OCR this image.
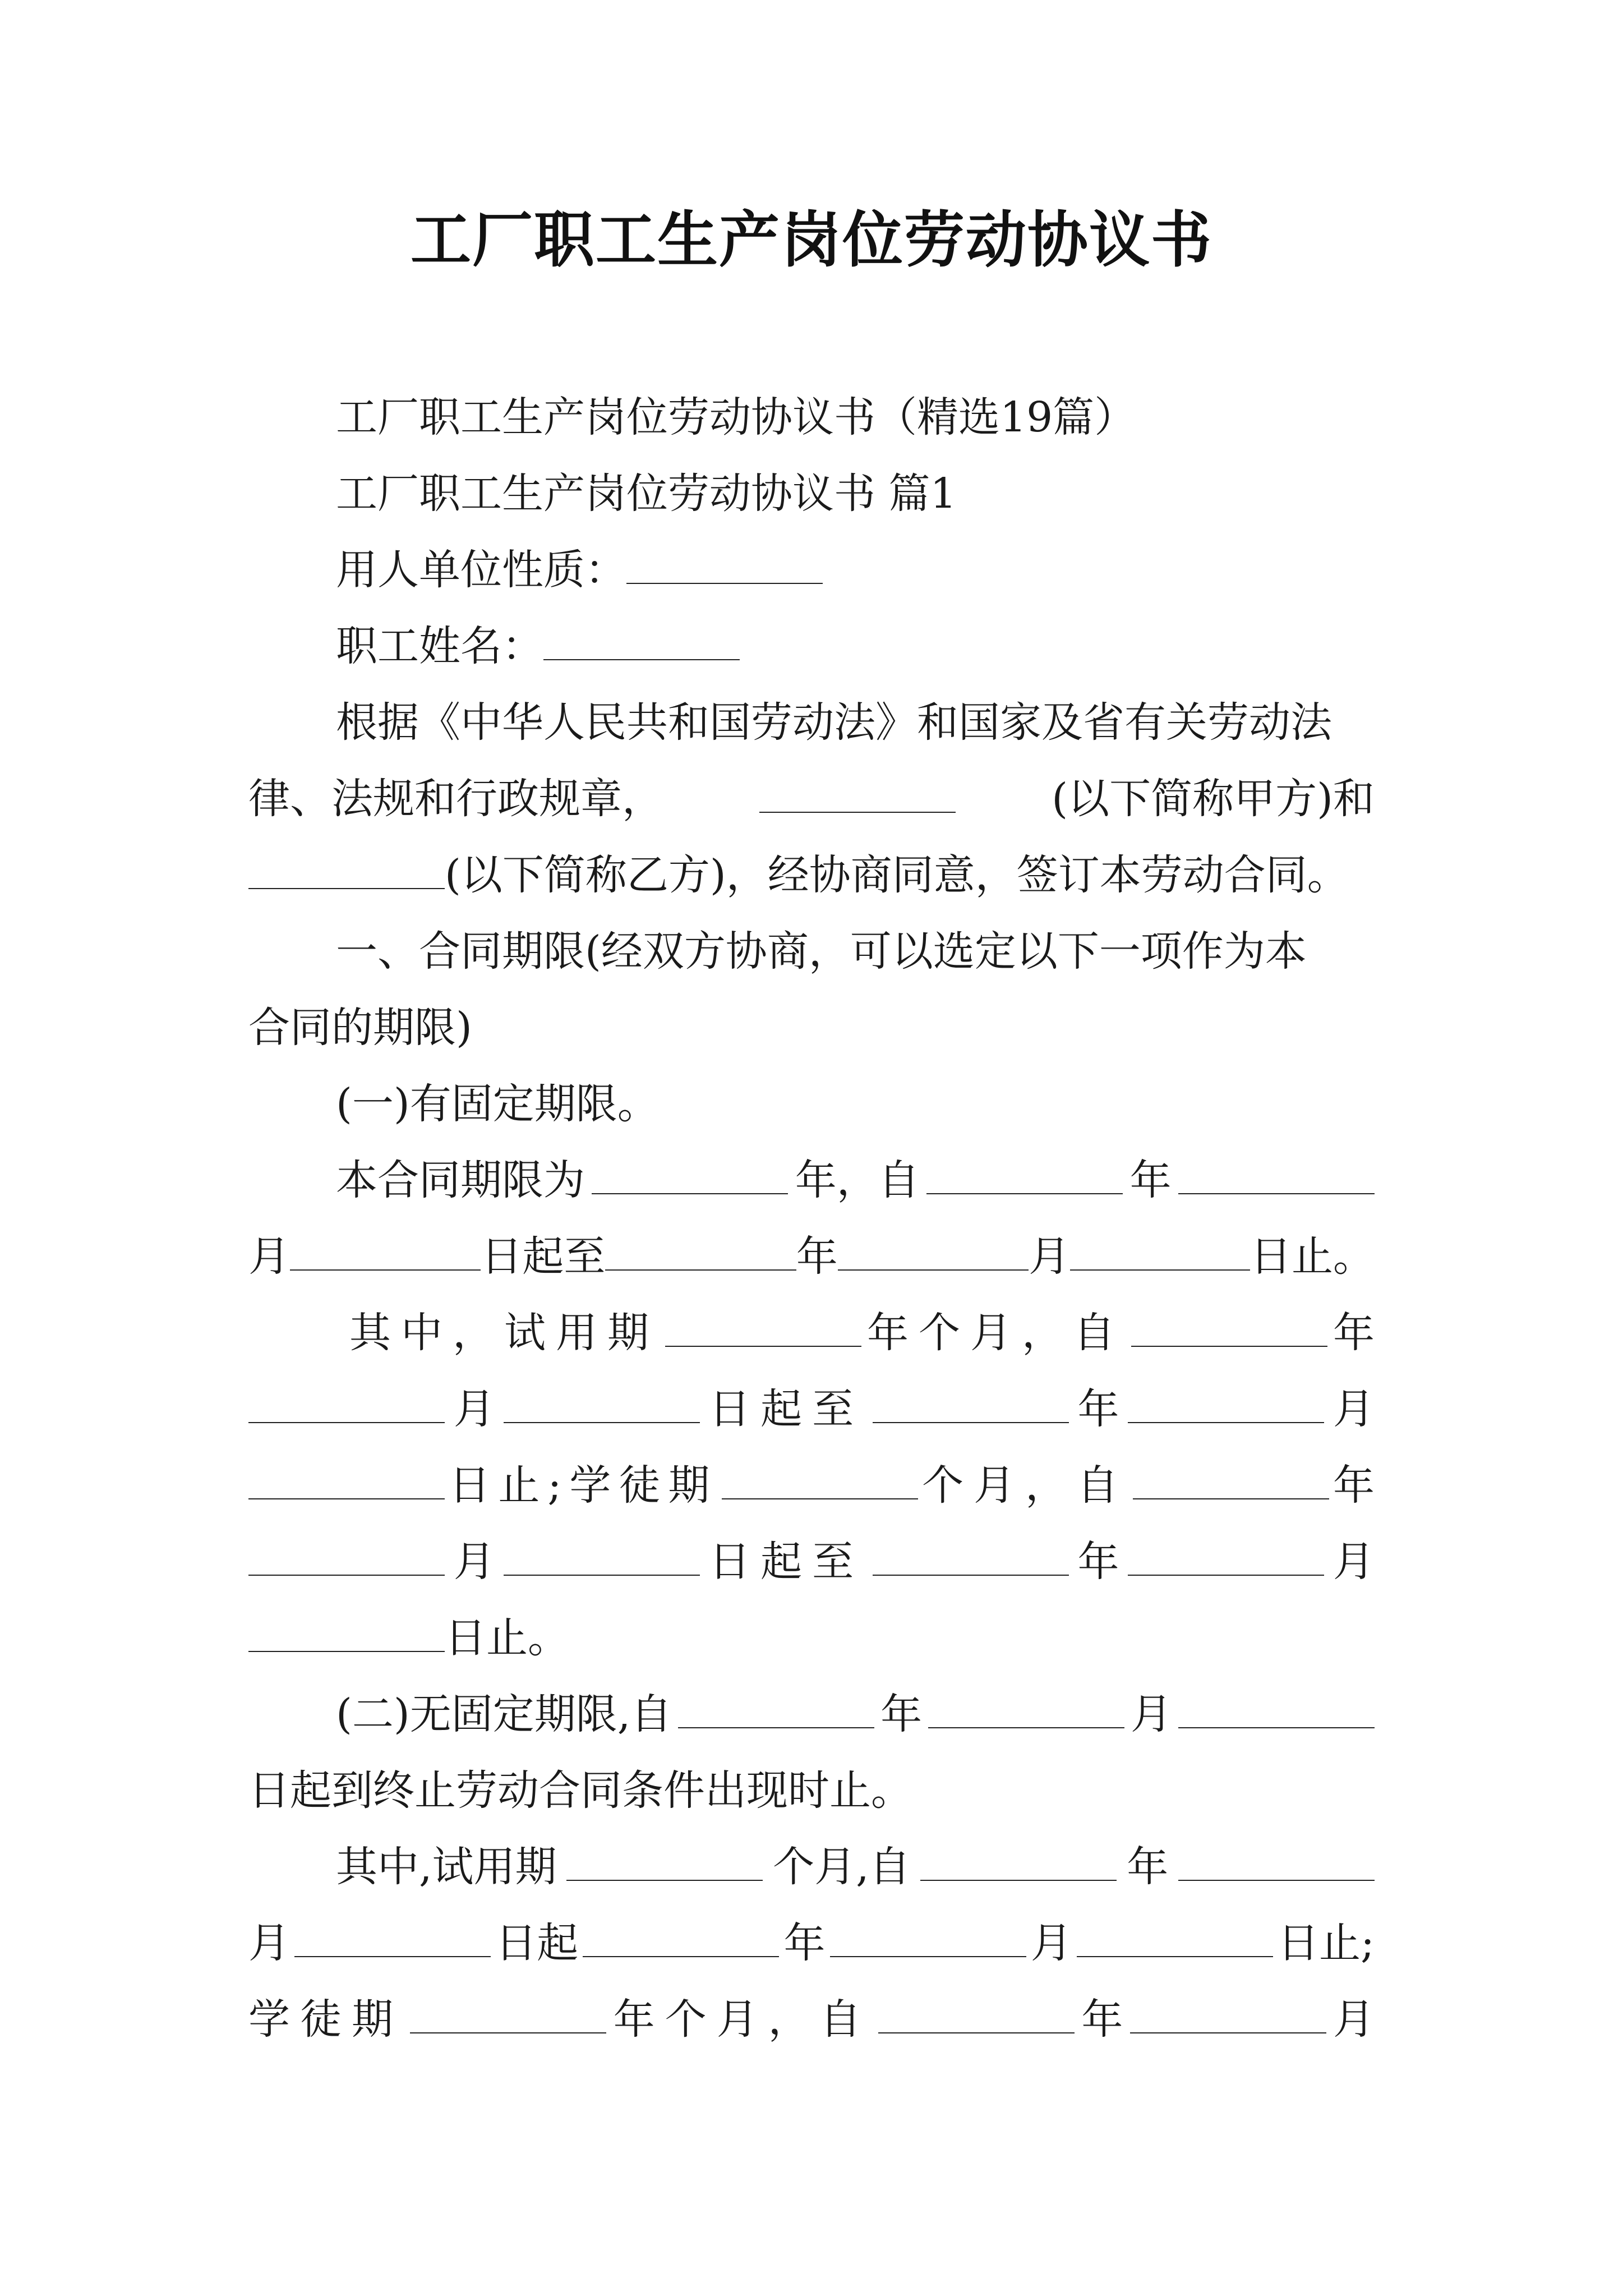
工厂职工生产岗位劳动协议书
工厂职工生产岗位劳动协议书（精选19篇）
工厂职工生产岗位劳动协议书 篇1
用人单位性质：
职工姓名：
根据《中华人民共和国劳动法》和国家及省有关劳动法
律、法规和行政规章，	(以下简称甲方)和
(以下简称乙方)，经协商同意，签订本劳动合同。
一、合同期限(经双方协商，可以选定以下一项作为本
合同的期限)
(一)有固定期限。
本合同期限为	年，自	年
月	日起至	年	月	日止。
其中，试用期	年个月，自	年
月	日起至	年	月
日止;学徒期	个月，自	年
月	日起至	年	月
日止。
(二)无固定期限,自	年	月
日起到终止劳动合同条件出现时止。
其中,试用期	个月,自	年
月	日起	年	月	日止;
学徒期	年个月，自	年	月
